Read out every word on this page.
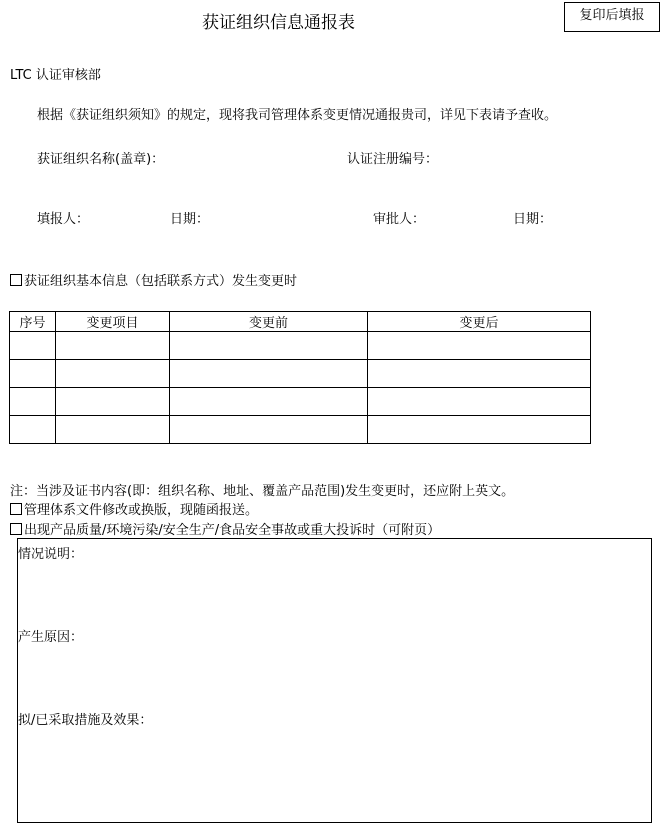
获证组织信息通报表	复印后填报
LTC 认证审核部
根据《获证组织须知》的规定，现将我司管理体系变更情况通报贵司，详见下表请予查收。
获证组织名称(盖章)：	认证注册编号：
填报人：	日期：	审批人：	日期：
获证组织基本信息（包括联系方式）发生变更时
序号	变更项目	变更前	变更后

注：当涉及证书内容(即：组织名称、地址、覆盖产品范围)发生变更时，还应附上英文。
管理体系文件修改或换版，现随函报送。
出现产品质量/环境污染/安全生产/食品安全事故或重大投诉时（可附页）
情况说明：
产生原因：
拟/已采取措施及效果：
